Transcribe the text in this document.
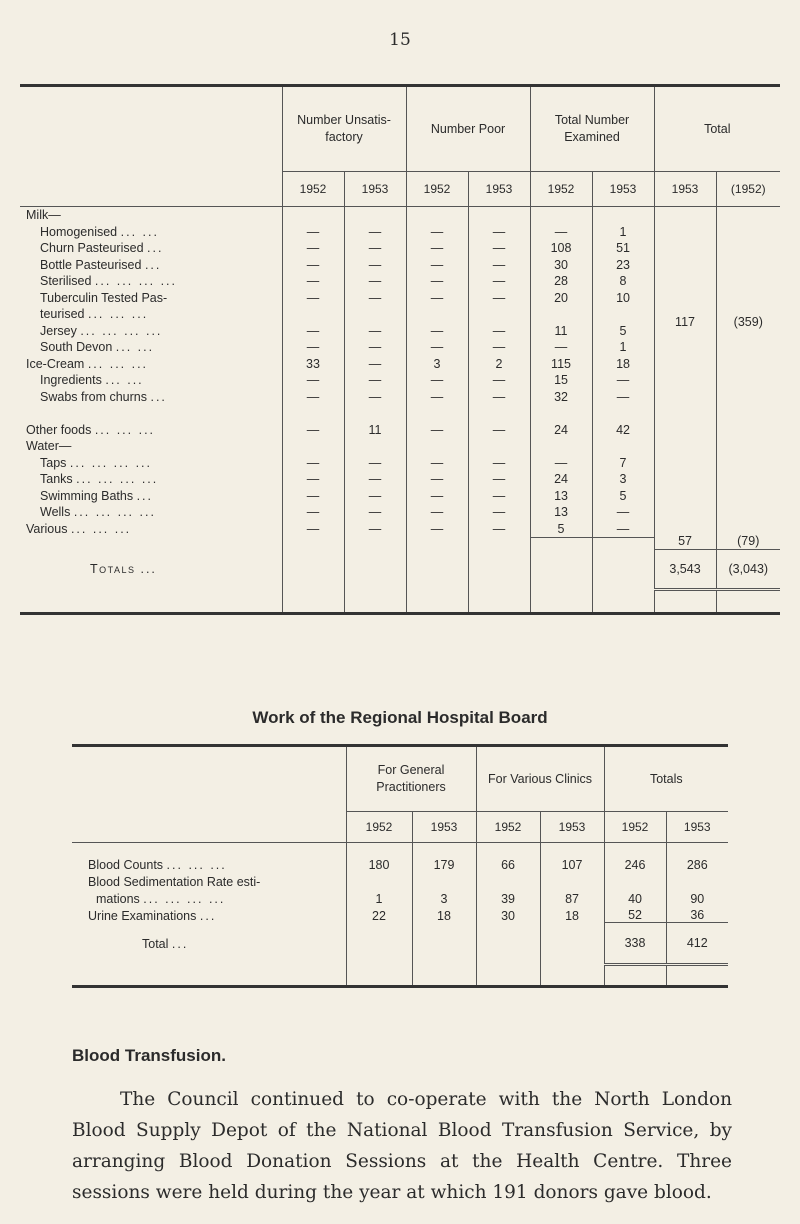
15
	Number Unsatis- factory		Number Poor		Total Number Examined		Total	
	1952	1953	1952	1953	1952	1953	1953	(1952)
Milk—							117	(359)
Homogenised ... ...	—	—	—	—	—	1		
Churn Pasteurised ...	—	—	—	—	108	51		
Bottle Pasteurised ...	—	—	—	—	30	23		
Sterilised ... ... ... ...	—	—	—	—	28	8		
Tuberculin Tested Pas-	—	—	—	—	20	10		
teurised ... ... ...								
Jersey ... ... ... ...	—	—	—	—	11	5		
South Devon ... ...	—	—	—	—	—	1		
Ice-Cream ... ... ...	33	—	3	2	115	18		
Ingredients ... ...	—	—	—	—	15	—		
Swabs from churns ...	—	—	—	—	32	—		

Other foods ... ... ...	—	11	—	—	24	42		
Water—							57	(79)
Taps ... ... ... ...	—	—	—	—	—	7		
Tanks ... ... ... ...	—	—	—	—	24	3		
Swimming Baths ...	—	—	—	—	13	5		
Wells ... ... ... ...	—	—	—	—	13	—		
Various ... ... ...	—	—	—	—	5	—		

Totals ...							3,543	(3,043)

Work of the Regional Hospital Board
	For General Practitioners		For Various Clinics		Totals	
	1952	1953	1952	1953	1952	1953

Blood Counts ... ... ...	180	179	66	107	246	286
Blood Sedimentation Rate esti-						
mations ... ... ... ...	1	3	39	87	40	90
Urine Examinations ...	22	18	30	18	52	36
Total ...					338	412

Blood Transfusion.

The Council continued to co-operate with the North London Blood Supply Depot of the National Blood Transfusion Service, by arranging Blood Donation Sessions at the Health Centre. Three sessions were held during the year at which 191 donors gave blood.
